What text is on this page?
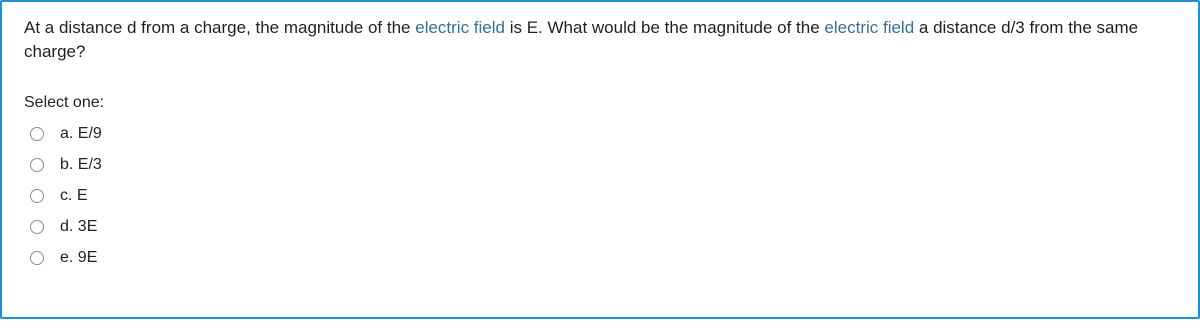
At a distance d from a charge, the magnitude of the electric field is E. What would be the magnitude of the electric field a distance d/3 from the same charge?
Select one:
a. E/9
b. E/3
c. E
d. 3E
e. 9E
